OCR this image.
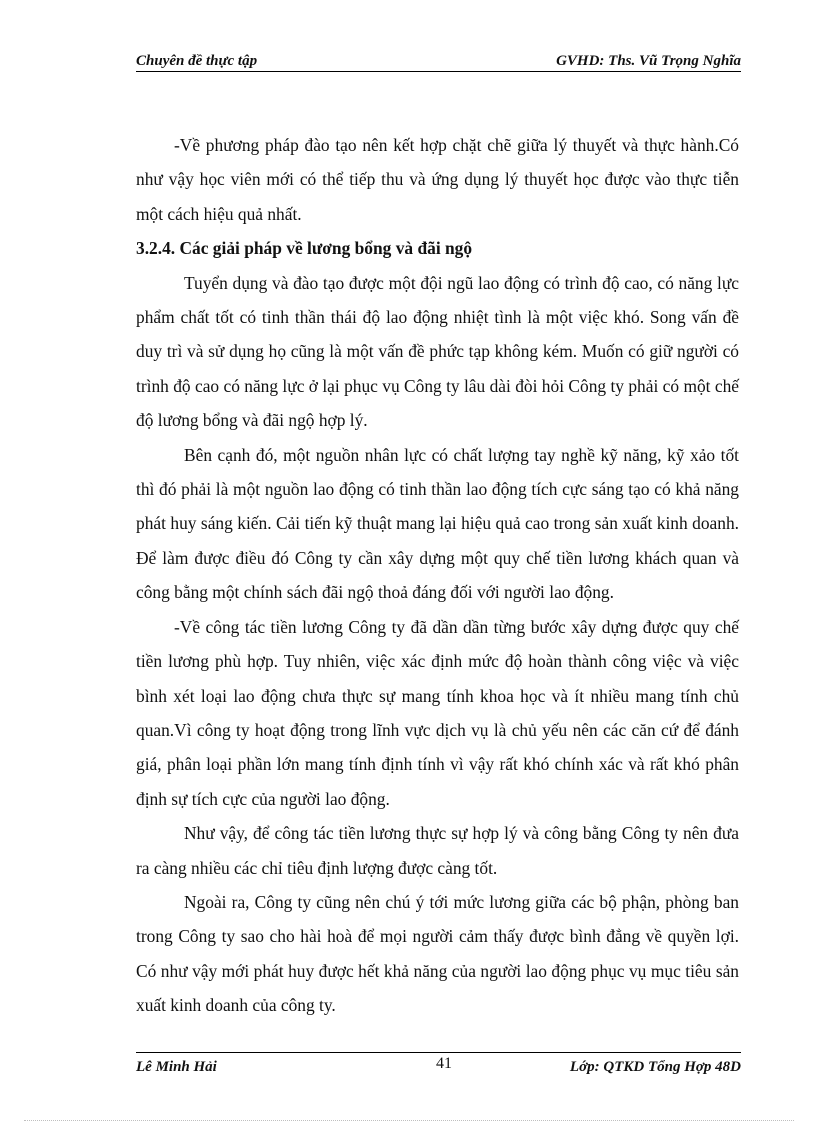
Chuyên đề thực tập	GVHD: Ths. Vũ Trọng Nghĩa

-Về phương pháp đào tạo nên kết hợp chặt chẽ giữa lý thuyết và thực hành.Có như vậy học viên mới có thể tiếp thu và ứng dụng lý thuyết học được vào thực tiễn một cách hiệu quả nhất.

3.2.4. Các giải pháp về lương bổng và đãi ngộ

Tuyển dụng và đào tạo được một đội ngũ lao động có trình độ cao, có năng lực phẩm chất tốt có tinh thần thái độ lao động nhiệt tình là một việc khó. Song vấn đề duy trì và sử dụng họ cũng là một vấn đề phức tạp không kém. Muốn có giữ người có trình độ cao có năng lực ở lại phục vụ Công ty lâu dài đòi hỏi Công ty phải có một chế độ lương bổng và đãi ngộ hợp lý.

Bên cạnh đó, một nguồn nhân lực có chất lượng tay nghề kỹ năng, kỹ xảo tốt thì đó phải là một nguồn lao động có tinh thần lao động tích cực sáng tạo có khả năng phát huy sáng kiến. Cải tiến kỹ thuật mang lại hiệu quả cao trong sản xuất kinh doanh. Để làm được điều đó Công ty cần xây dựng một quy chế tiền lương khách quan và công bằng một chính sách đãi ngộ thoả đáng đối với người lao động.

-Về công tác tiền lương Công ty đã dần dần từng bước xây dựng được quy chế tiền lương phù hợp. Tuy nhiên, việc xác định mức độ hoàn thành công việc và việc bình xét loại lao động chưa thực sự mang tính khoa học và ít nhiều mang tính chủ quan.Vì công ty hoạt động trong lĩnh vực dịch vụ là chủ yếu nên các căn cứ để đánh giá, phân loại phần lớn mang tính định tính vì vậy rất khó chính xác và rất khó phân định sự tích cực của người lao động.

Như vậy, để công tác tiền lương thực sự hợp lý và công bằng Công ty nên đưa ra càng nhiều các chỉ tiêu định lượng được càng tốt.

Ngoài ra, Công ty cũng nên chú ý tới mức lương giữa các bộ phận, phòng ban trong Công ty sao cho hài hoà để mọi người cảm thấy được bình đẳng về quyền lợi. Có như vậy mới phát huy được hết khả năng của người lao động phục vụ mục tiêu sản xuất kinh doanh của công ty.

Lê Minh Hải	41	Lớp: QTKD Tổng Hợp 48D
